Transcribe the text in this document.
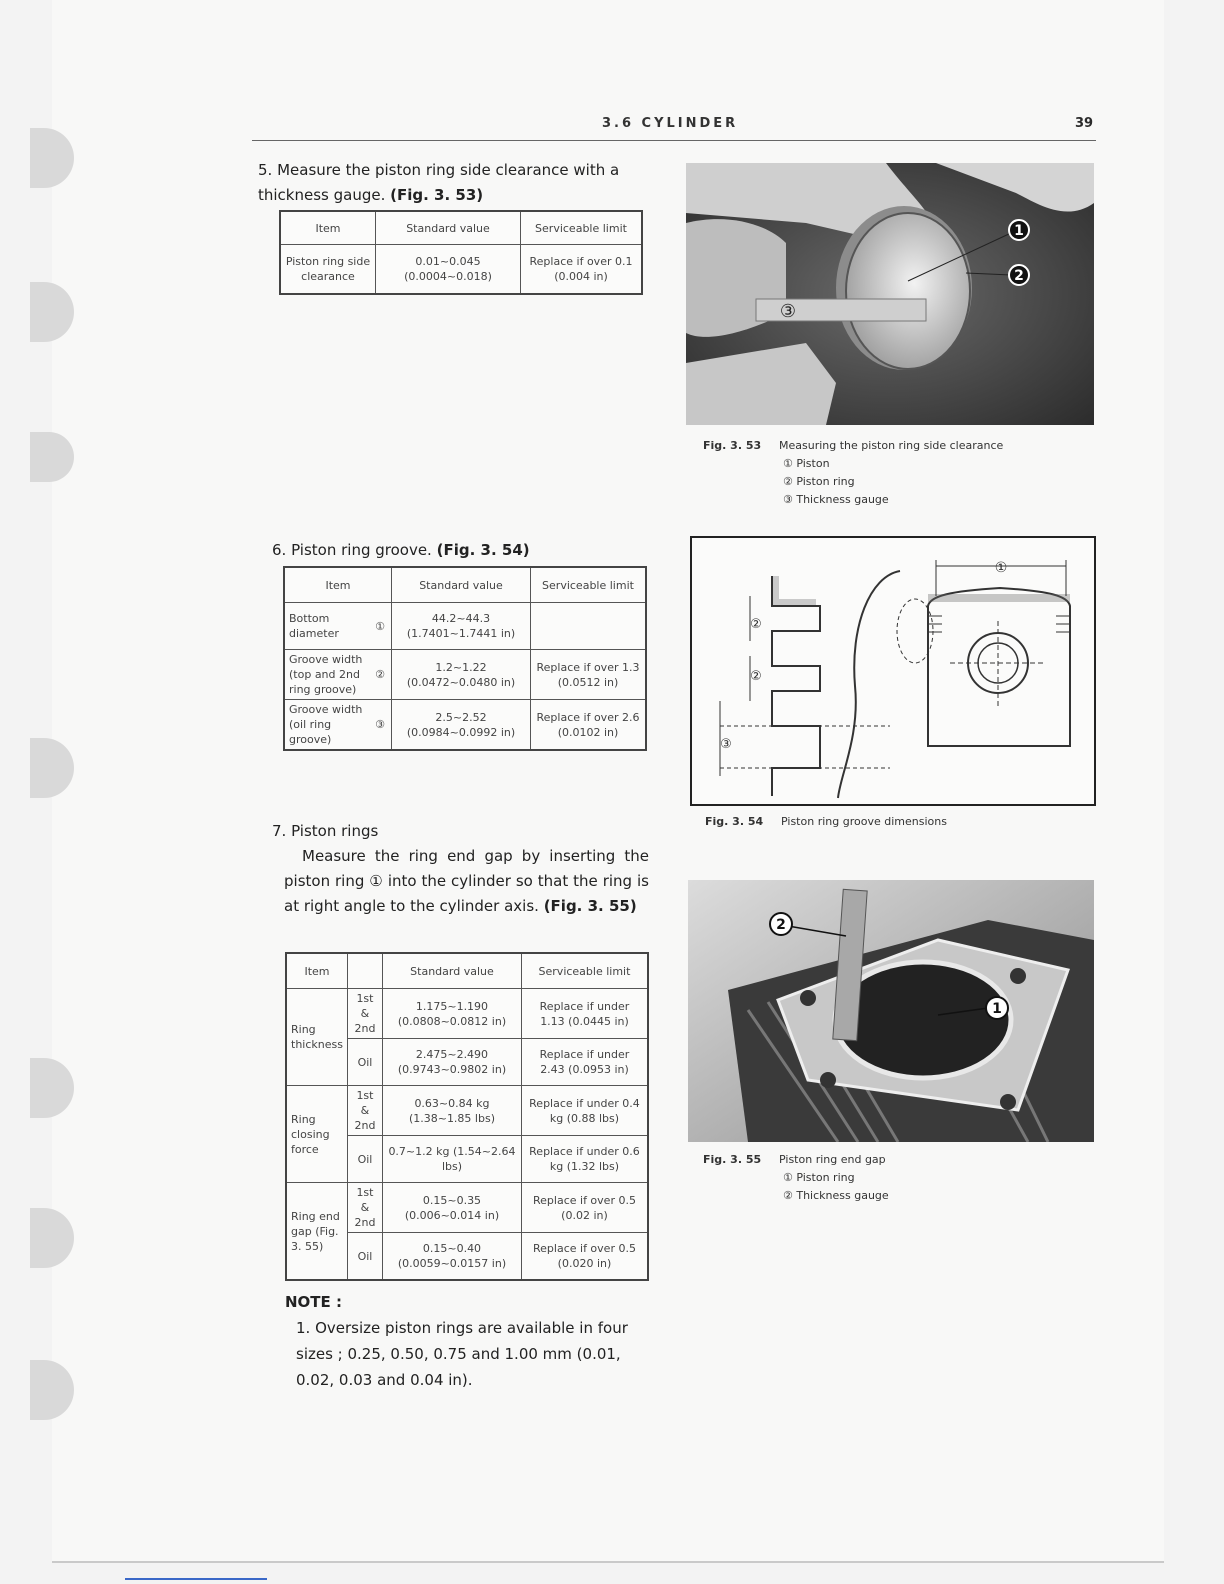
3.6 CYLINDER	39
5. Measure the piston ring side clearance with a thickness gauge. (Fig. 3. 53)
Item	Standard value	Serviceable limit
Piston ring side clearance	0.01~0.045 (0.0004~0.018)	Replace if over 0.1 (0.004 in)
1
2
③
Fig. 3. 53 Measuring the piston ring side clearance
① Piston
② Piston ring
③ Thickness gauge
6. Piston ring groove. (Fig. 3. 54)
Item		Standard value	Serviceable limit
Bottom diameter	①	44.2~44.3 (1.7401~1.7441 in)	
Groove width (top and 2nd ring groove)	②	1.2~1.22 (0.0472~0.0480 in)	Replace if over 1.3 (0.0512 in)
Groove width (oil ring groove)	③	2.5~2.52 (0.0984~0.0992 in)	Replace if over 2.6 (0.0102 in)
①
②
②
③
Fig. 3. 54 Piston ring groove dimensions
7. Piston rings
Measure the ring end gap by inserting the piston ring ① into the cylinder so that the ring is at right angle to the cylinder axis. (Fig. 3. 55)
Item		Standard value	Serviceable limit
Ring thickness	1st & 2nd	1.175~1.190 (0.0808~0.0812 in)	Replace if under 1.13 (0.0445 in)
	Oil	2.475~2.490 (0.9743~0.9802 in)	Replace if under 2.43 (0.0953 in)
Ring closing force	1st & 2nd	0.63~0.84 kg (1.38~1.85 lbs)	Replace if under 0.4 kg (0.88 lbs)
	Oil	0.7~1.2 kg (1.54~2.64 lbs)	Replace if under 0.6 kg (1.32 lbs)
Ring end gap (Fig. 3. 55)	1st & 2nd	0.15~0.35 (0.006~0.014 in)	Replace if over 0.5 (0.02 in)
	Oil	0.15~0.40 (0.0059~0.0157 in)	Replace if over 0.5 (0.020 in)
2
1
Fig. 3. 55 Piston ring end gap
① Piston ring
② Thickness gauge
NOTE :
1. Oversize piston rings are available in four sizes ; 0.25, 0.50, 0.75 and 1.00 mm (0.01, 0.02, 0.03 and 0.04 in).
